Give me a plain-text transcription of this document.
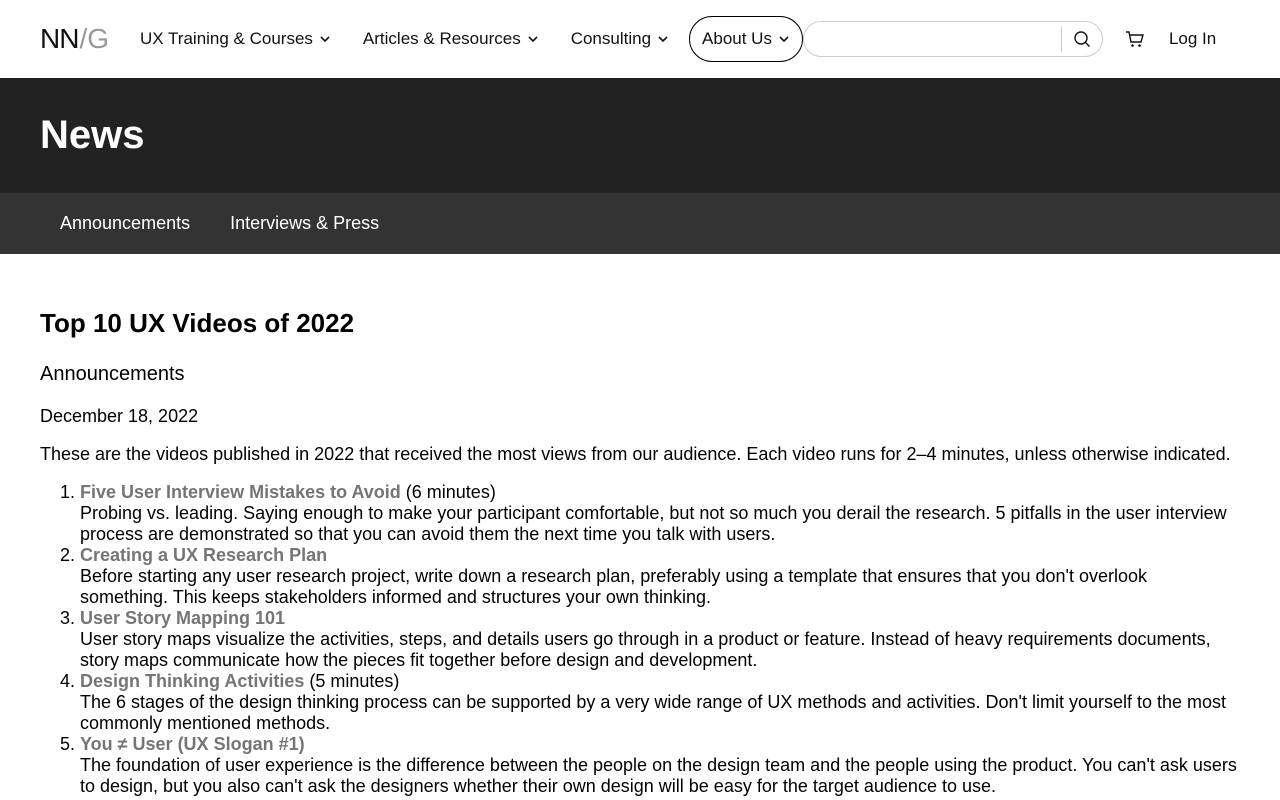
NN / G UX Training & Courses	Articles & Resources	Consulting	About Us	Log In
News
Announcements	Interviews & Press
Top 10 UX Videos of 2022
Announcements
December 18, 2022

These are the videos published in 2022 that received the most views from our audience. Each video runs for 2–4 minutes, unless otherwise indicated.

1. Five User Interview Mistakes to Avoid (6 minutes)
Probing vs. leading. Saying enough to make your participant comfortable, but not so much you derail the research. 5 pitfalls in the user interview process are demonstrated so that you can avoid them the next time you talk with users.
2. Creating a UX Research Plan
Before starting any user research project, write down a research plan, preferably using a template that ensures that you don't overlook something. This keeps stakeholders informed and structures your own thinking.
3. User Story Mapping 101
User story maps visualize the activities, steps, and details users go through in a product or feature. Instead of heavy requirements documents, story maps communicate how the pieces fit together before design and development.
4. Design Thinking Activities (5 minutes)
The 6 stages of the design thinking process can be supported by a very wide range of UX methods and activities. Don't limit yourself to the most commonly mentioned methods.
5. You ≠ User (UX Slogan #1)
The foundation of user experience is the difference between the people on the design team and the people using the product. You can't ask users to design, but you also can't ask the designers whether their own design will be easy for the target audience to use.
